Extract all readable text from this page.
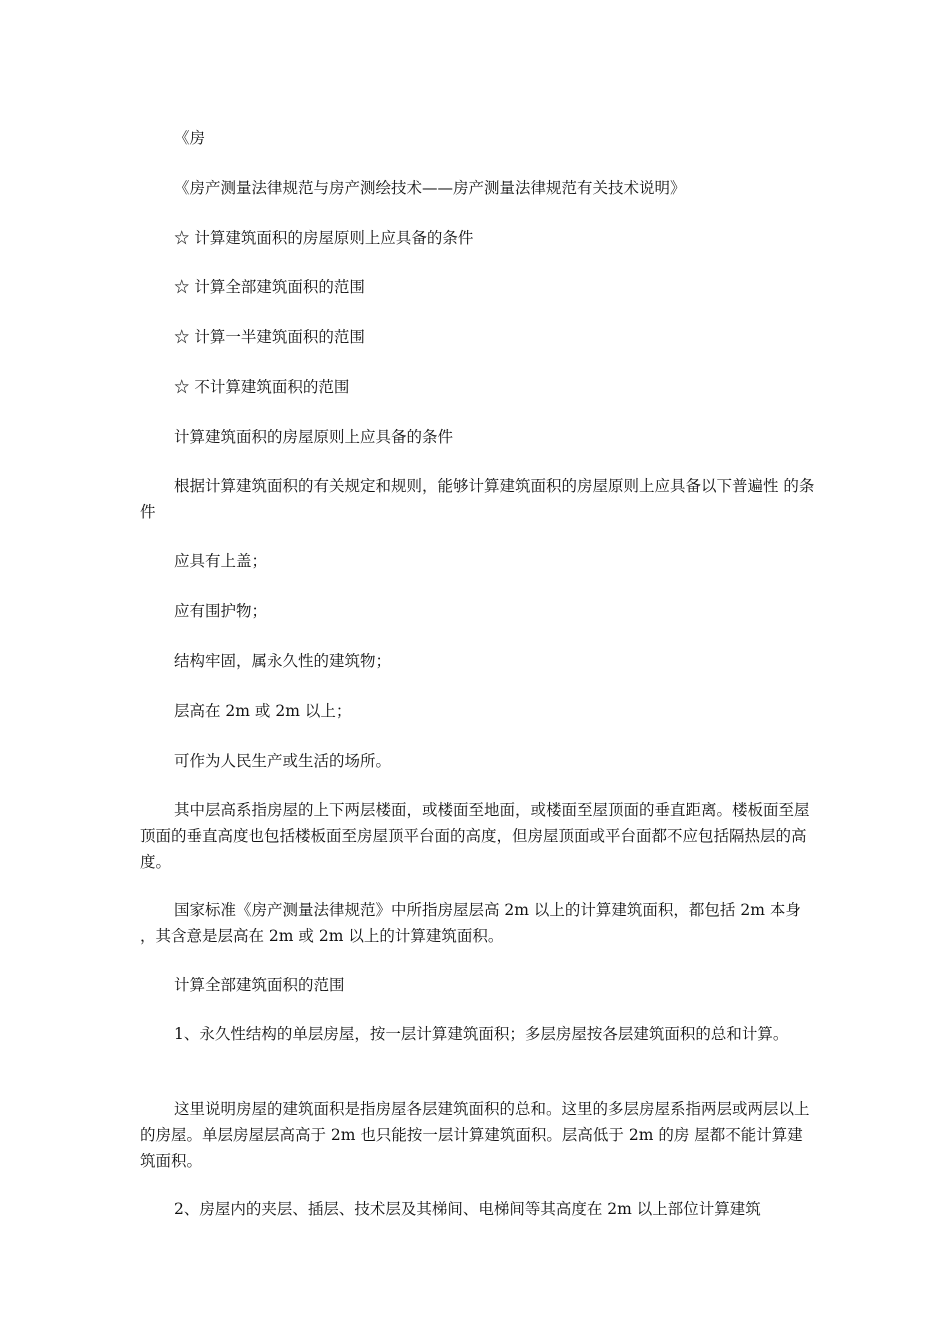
《房

《房产测量法律规范与房产测绘技术——房产测量法律规范有关技术说明》

☆ 计算建筑面积的房屋原则上应具备的条件

☆ 计算全部建筑面积的范围

☆ 计算一半建筑面积的范围

☆ 不计算建筑面积的范围

计算建筑面积的房屋原则上应具备的条件

根据计算建筑面积的有关规定和规则，能够计算建筑面积的房屋原则上应具备以下普遍性 的条件

应具有上盖；

应有围护物；

结构牢固，属永久性的建筑物；

层高在 2m 或 2m 以上；

可作为人民生产或生活的场所。

其中层高系指房屋的上下两层楼面，或楼面至地面，或楼面至屋顶面的垂直距离。楼板面至屋顶面的垂直高度也包括楼板面至房屋顶平台面的高度，但房屋顶面或平台面都不应包括隔热层的高度。

国家标准《房产测量法律规范》中所指房屋层高 2m 以上的计算建筑面积，都包括 2m 本身 ，其含意是层高在 2m 或 2m 以上的计算建筑面积。

计算全部建筑面积的范围

1、永久性结构的单层房屋，按一层计算建筑面积；多层房屋按各层建筑面积的总和计算。

这里说明房屋的建筑面积是指房屋各层建筑面积的总和。这里的多层房屋系指两层或两层以上的房屋。单层房屋层高高于 2m 也只能按一层计算建筑面积。层高低于 2m 的房 屋都不能计算建筑面积。

2、房屋内的夹层、插层、技术层及其梯间、电梯间等其高度在 2m 以上部位计算建筑
